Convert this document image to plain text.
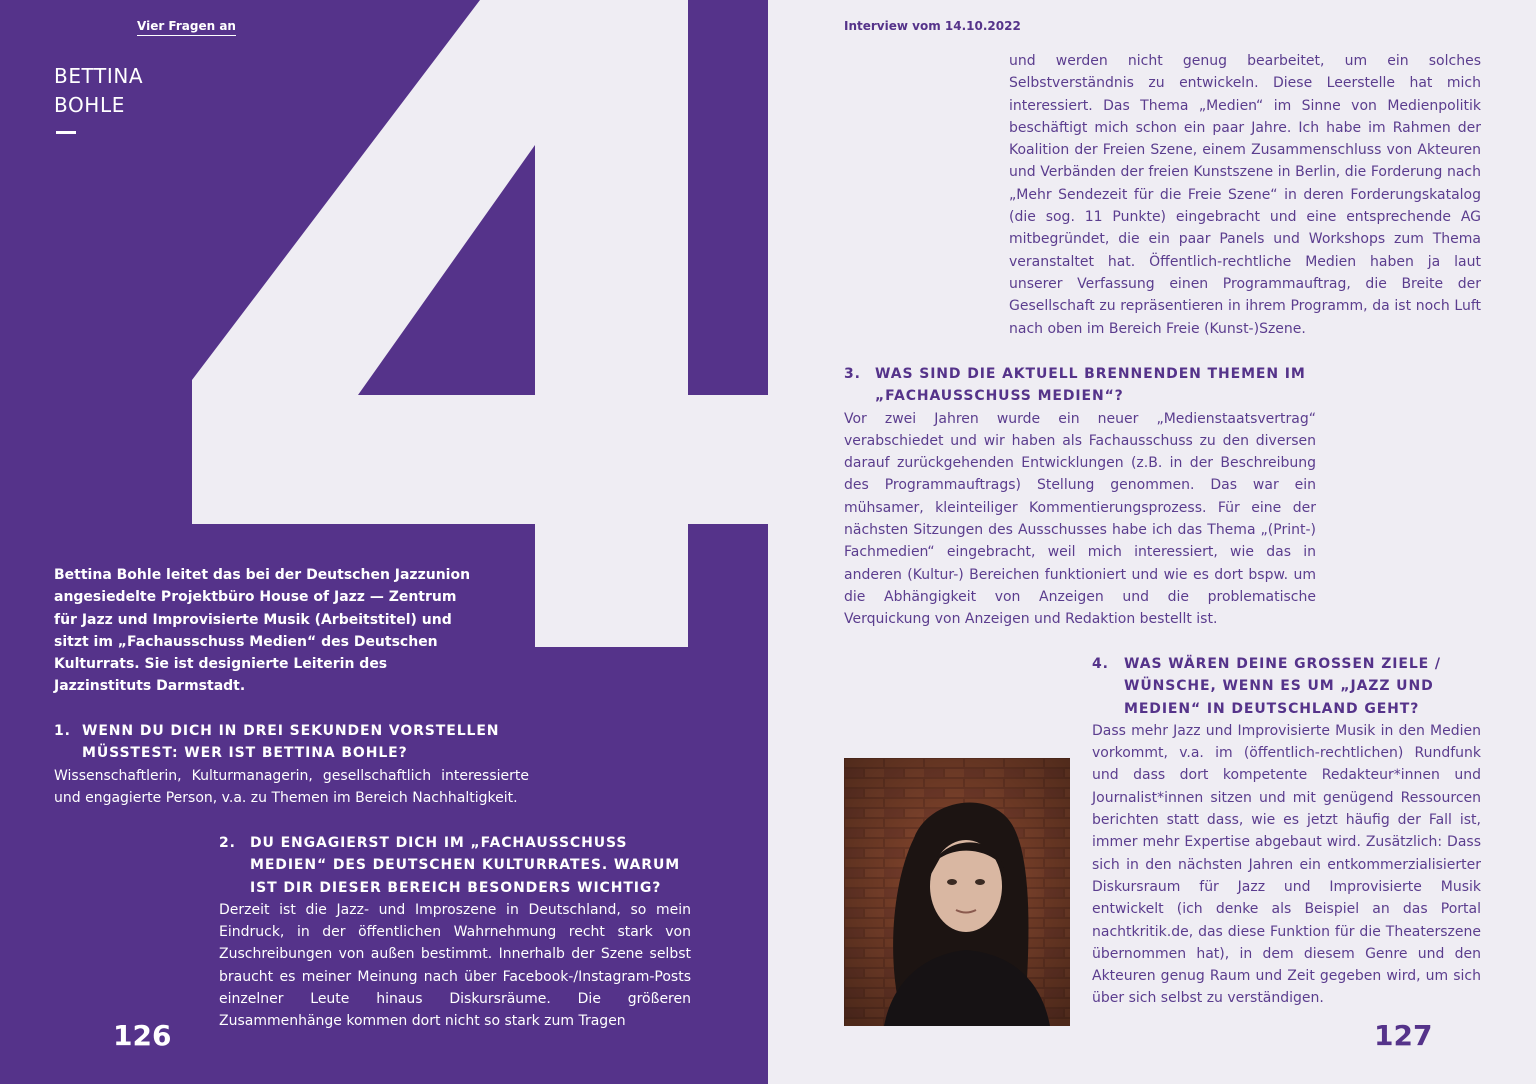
Vier Fragen an
BETTINA
BOHLE

Bettina Bohle leitet das bei der Deutschen Jazzunion angesiedelte Projektbüro House of Jazz — Zentrum für Jazz und Improvisierte Musik (Arbeitstitel) und sitzt im „Fachausschuss Medien“ des Deutschen Kulturrats. Sie ist designierte Leiterin des Jazzinstituts Darmstadt.

1. WENN DU DICH IN DREI SEKUNDEN VORSTELLEN MÜSSTEST: WER IST BETTINA BOHLE?

Wissenschaftlerin, Kulturmanagerin, gesellschaftlich interessierte und engagierte Person, v.a. zu Themen im Bereich Nachhaltigkeit.

2.	DU ENGAGIERST DICH IM „FACHAUSSCHUSS MEDIEN“ DES DEUTSCHEN KULTURRATES. WARUM IST DIR DIESER BEREICH BESONDERS WICHTIG?

Derzeit ist die Jazz- und Improszene in Deutschland, so mein Eindruck, in der öffentlichen Wahrnehmung recht stark von Zuschreibungen von außen bestimmt. Innerhalb der Szene selbst braucht es meiner Meinung nach über Facebook-/Instagram-Posts einzelner Leute hinaus Diskursräume. Die größeren Zusammenhänge kommen dort nicht so stark zum Tragen

126
Interview vom 14.10.2022

und werden nicht genug bearbeitet, um ein solches Selbstverständnis zu entwickeln. Diese Leerstelle hat mich interessiert. Das Thema „Medien“ im Sinne von Medienpolitik beschäftigt mich schon ein paar Jahre. Ich habe im Rahmen der Koalition der Freien Szene, einem Zusammenschluss von Akteuren und Verbänden der freien Kunstszene in Berlin, die Forderung nach „Mehr Sendezeit für die Freie Szene“ in deren Forderungskatalog (die sog. 11 Punkte) eingebracht und eine entsprechende AG mitbegründet, die ein paar Panels und Workshops zum Thema veranstaltet hat. Öffentlich-rechtliche Medien haben ja laut unserer Verfassung einen Programmauftrag, die Breite der Gesellschaft zu repräsentieren in ihrem Programm, da ist noch Luft nach oben im Bereich Freie (Kunst-)Szene.

3.	WAS SIND DIE AKTUELL BRENNENDEN THEMEN IM „FACHAUSSCHUSS MEDIEN“?

Vor zwei Jahren wurde ein neuer „Medienstaatsvertrag“ verabschiedet und wir haben als Fachausschuss zu den diversen darauf zurückgehenden Entwicklungen (z.B. in der Beschreibung des Programmauftrags) Stellung genommen. Das war ein mühsamer, kleinteiliger Kommentierungsprozess. Für eine der nächsten Sitzungen des Ausschusses habe ich das Thema „(Print-) Fachmedien“ eingebracht, weil mich interessiert, wie das in anderen (Kultur-) Bereichen funktioniert und wie es dort bspw. um die Abhängigkeit von Anzeigen und die problematische Verquickung von Anzeigen und Redaktion bestellt ist.

4.	WAS WÄREN DEINE GROSSEN ZIELE / WÜNSCHE, WENN ES UM „JAZZ UND MEDIEN“ IN DEUTSCHLAND GEHT?

Dass mehr Jazz und Improvisierte Musik in den Medien vorkommt, v.a. im (öffentlich-rechtlichen) Rundfunk und dass dort kompetente Redakteur*innen und Journalist*innen sitzen und mit genügend Ressourcen berichten statt dass, wie es jetzt häufig der Fall ist, immer mehr Expertise abgebaut wird. Zusätzlich: Dass sich in den nächsten Jahren ein entkommerzialisierter Diskursraum für Jazz und Improvisierte Musik entwickelt (ich denke als Beispiel an das Portal nachtkritik.de, das diese Funktion für die Theaterszene übernommen hat), in dem diesem Genre und den Akteuren genug Raum und Zeit gegeben wird, um sich über sich selbst zu verständigen.

127
